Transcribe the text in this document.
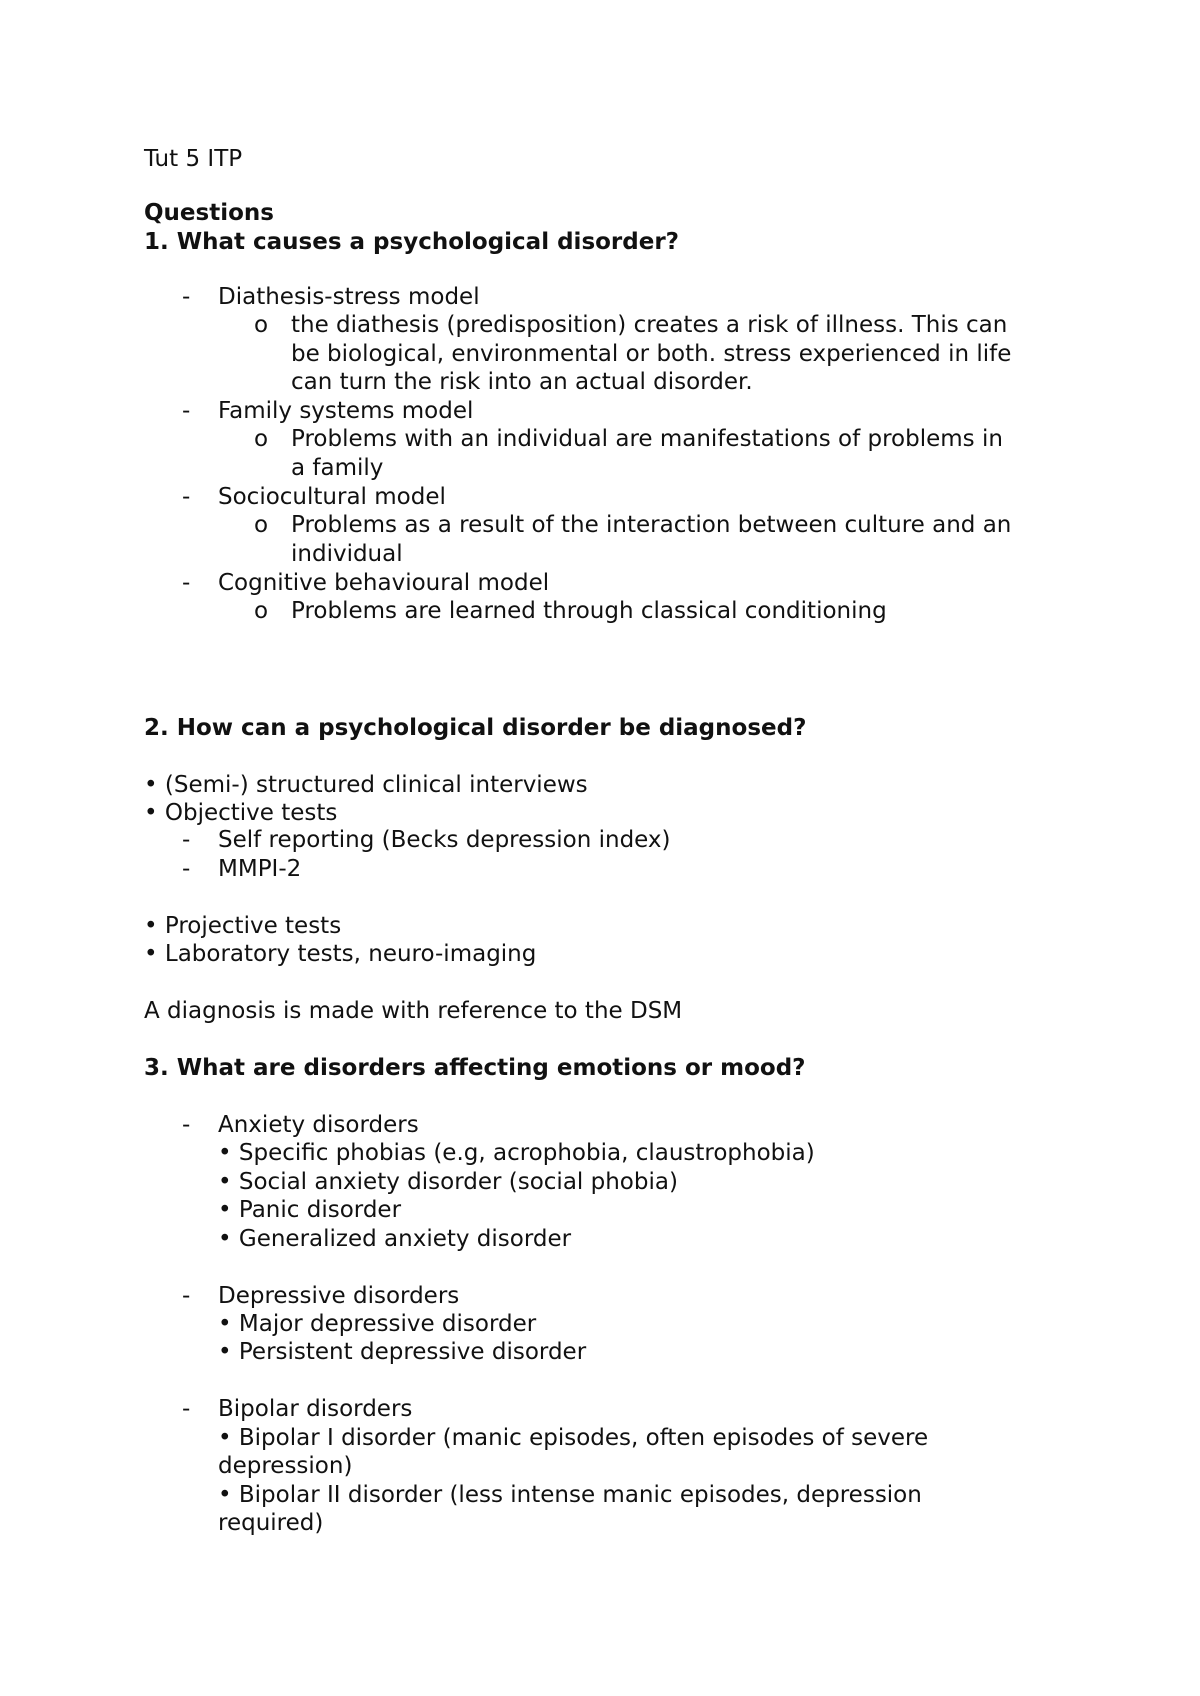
Tut 5 ITP
Questions
1. What causes a psychological disorder?
- Diathesis-stress model
o the diathesis (predisposition) creates a risk of illness. This can
be biological, environmental or both. stress experienced in life
can turn the risk into an actual disorder.
- Family systems model
o Problems with an individual are manifestations of problems in
a family
- Sociocultural model
o Problems as a result of the interaction between culture and an
individual
- Cognitive behavioural model
o Problems are learned through classical conditioning
2. How can a psychological disorder be diagnosed?
• (Semi-) structured clinical interviews
• Objective tests
- Self reporting (Becks depression index)
- MMPI-2
• Projective tests
• Laboratory tests, neuro-imaging
A diagnosis is made with reference to the DSM
3. What are disorders affecting emotions or mood?
- Anxiety disorders
• Specific phobias (e.g, acrophobia, claustrophobia)
• Social anxiety disorder (social phobia)
• Panic disorder
• Generalized anxiety disorder
- Depressive disorders
• Major depressive disorder
• Persistent depressive disorder
- Bipolar disorders
• Bipolar I disorder (manic episodes, often episodes of severe
depression)
• Bipolar II disorder (less intense manic episodes, depression
required)
